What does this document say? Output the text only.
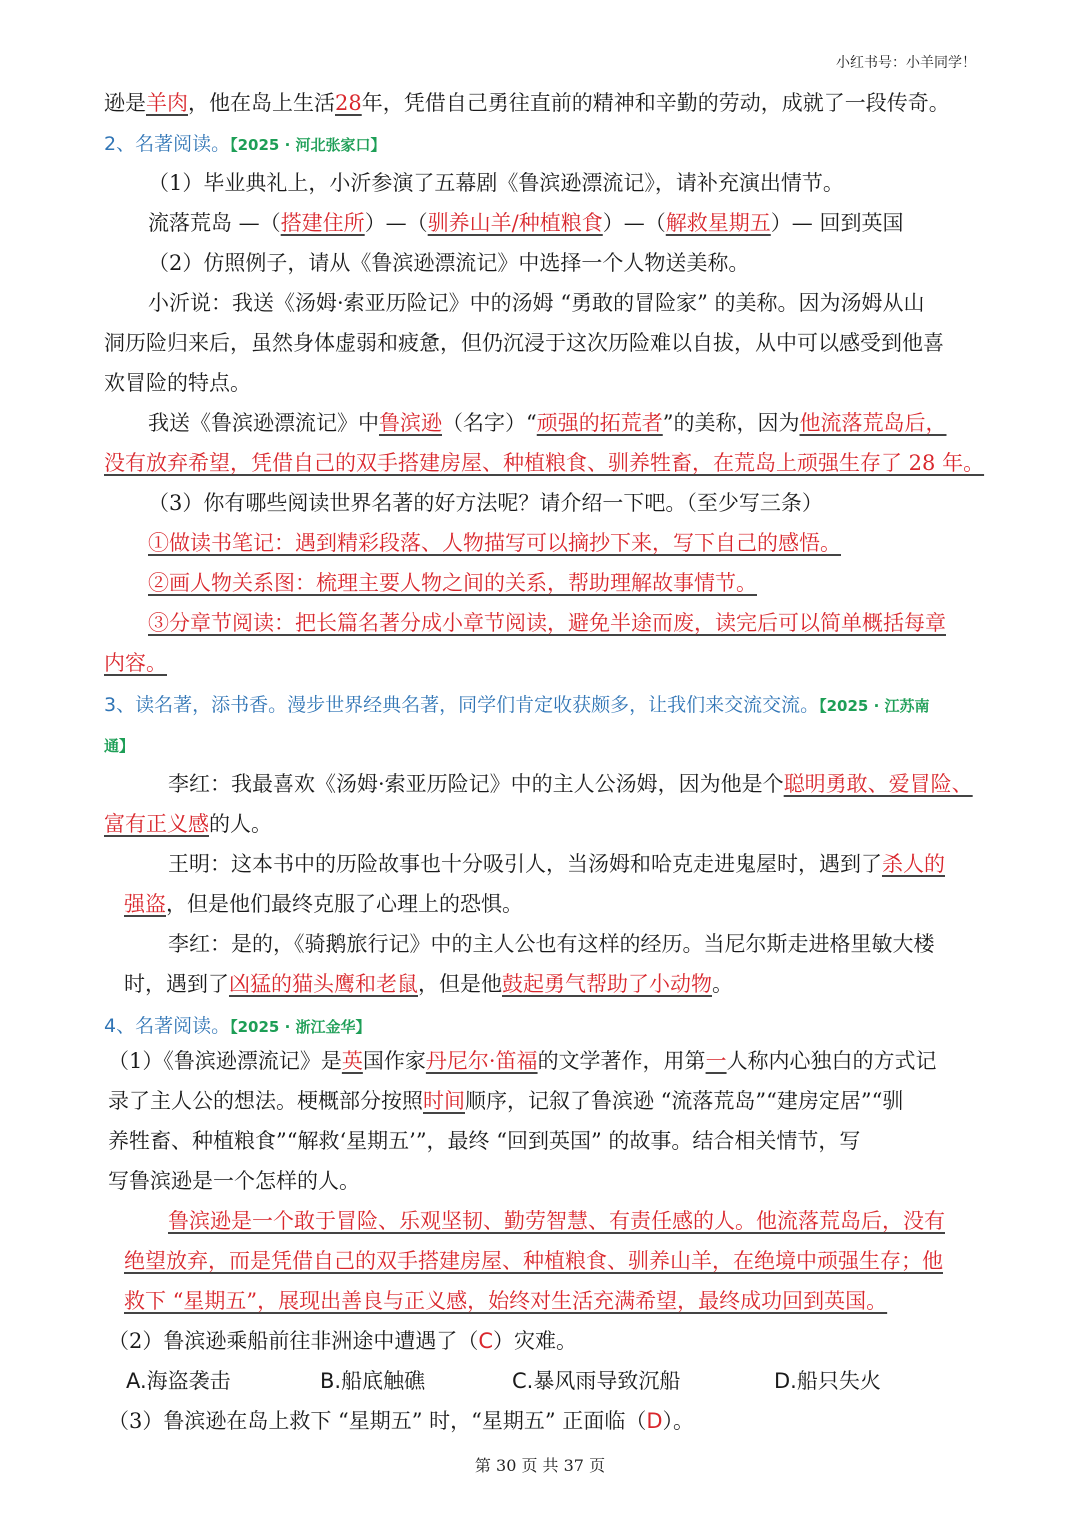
小红书号：小羊同学！
逊是羊肉，他在岛上生活28年，凭借自己勇往直前的精神和辛勤的劳动，成就了一段传奇。
2、名著阅读。【2025 · 河北张家口】
（1）毕业典礼上，小沂参演了五幕剧《鲁滨逊漂流记》，请补充演出情节。
流落荒岛 —（搭建住所）—（驯养山羊/种植粮食）—（解救星期五）— 回到英国
（2）仿照例子，请从《鲁滨逊漂流记》中选择一个人物送美称。
小沂说：我送《汤姆·索亚历险记》中的汤姆 “勇敢的冒险家” 的美称。因为汤姆从山
洞历险归来后，虽然身体虚弱和疲惫，但仍沉浸于这次历险难以自拔，从中可以感受到他喜
欢冒险的特点。
我送《鲁滨逊漂流记》中鲁滨逊（名字）“顽强的拓荒者”的美称，因为他流落荒岛后，
没有放弃希望，凭借自己的双手搭建房屋、种植粮食、驯养牲畜，在荒岛上顽强生存了 28 年。
（3）你有哪些阅读世界名著的好方法呢？请介绍一下吧。（至少写三条）
①做读书笔记：遇到精彩段落、人物描写可以摘抄下来，写下自己的感悟。
②画人物关系图：梳理主要人物之间的关系，帮助理解故事情节。
③分章节阅读：把长篇名著分成小章节阅读，避免半途而废，读完后可以简单概括每章
内容。
3、读名著，添书香。漫步世界经典名著，同学们肯定收获颇多，让我们来交流交流。【2025 · 江苏南
通】
李红：我最喜欢《汤姆·索亚历险记》中的主人公汤姆，因为他是个聪明勇敢、爱冒险、
富有正义感的人。
王明：这本书中的历险故事也十分吸引人，当汤姆和哈克走进鬼屋时，遇到了杀人的
强盗，但是他们最终克服了心理上的恐惧。
李红：是的，《骑鹅旅行记》中的主人公也有这样的经历。当尼尔斯走进格里敏大楼
时，遇到了凶猛的猫头鹰和老鼠，但是他鼓起勇气帮助了小动物。
4、名著阅读。【2025 · 浙江金华】
（1）《鲁滨逊漂流记》是英国作家丹尼尔·笛福的文学著作，用第一人称内心独白的方式记
录了主人公的想法。梗概部分按照时间顺序，记叙了鲁滨逊 “流落荒岛”“建房定居”“驯
养牲畜、种植粮食”“解救‘星期五’”，最终 “回到英国” 的故事。结合相关情节，写
写鲁滨逊是一个怎样的人。
鲁滨逊是一个敢于冒险、乐观坚韧、勤劳智慧、有责任感的人。他流落荒岛后，没有
绝望放弃，而是凭借自己的双手搭建房屋、种植粮食、驯养山羊，在绝境中顽强生存；他
救下 “星期五”，展现出善良与正义感，始终对生活充满希望，最终成功回到英国。
（2）鲁滨逊乘船前往非洲途中遭遇了（C）灾难。
A.海盗袭击	B.船底触礁	C.暴风雨导致沉船	D.船只失火
（3）鲁滨逊在岛上救下 “星期五” 时，“星期五” 正面临（D）。
第 30 页 共 37 页
